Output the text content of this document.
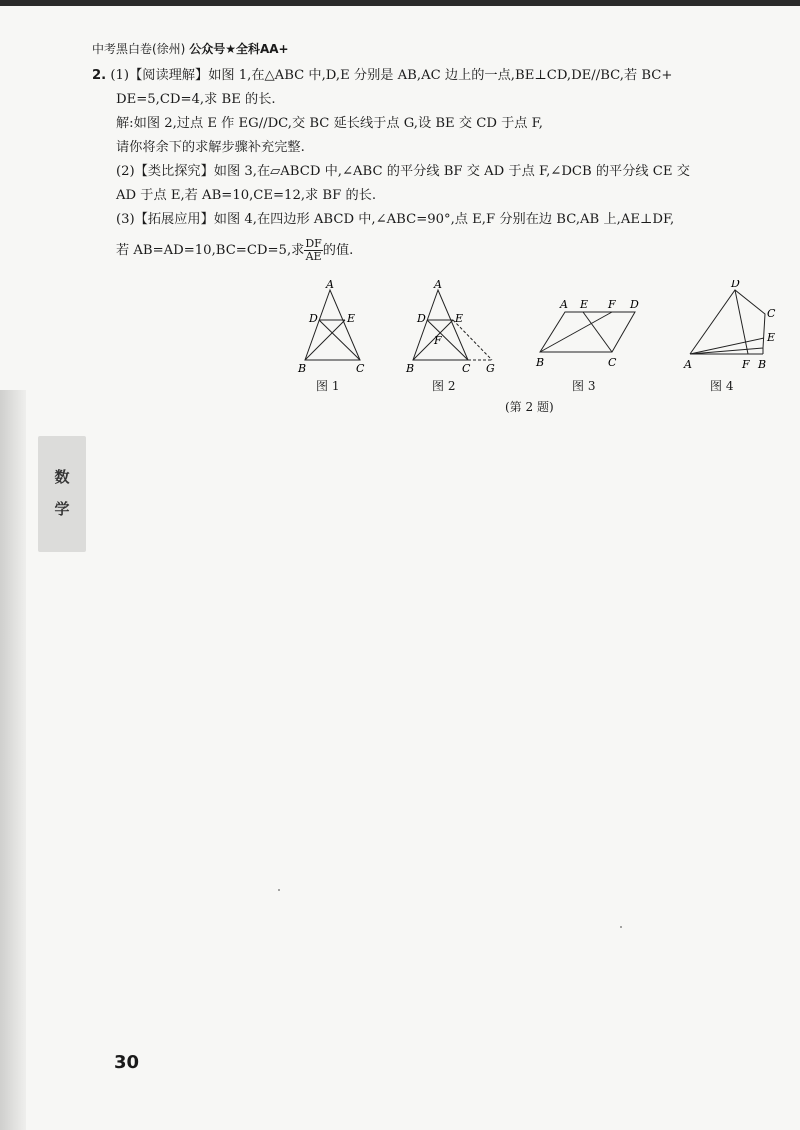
中考黑白卷(徐州) 公众号★全科AA+
2. (1)【阅读理解】如图 1,在△ABC 中,D,E 分别是 AB,AC 边上的一点,BE⊥CD,DE//BC,若 BC+
DE=5,CD=4,求 BE 的长.
解:如图 2,过点 E 作 EG//DC,交 BC 延长线于点 G,设 BE 交 CD 于点 F,
请你将余下的求解步骤补充完整.
(2)【类比探究】如图 3,在▱ABCD 中,∠ABC 的平分线 BF 交 AD 于点 F,∠DCB 的平分线 CE 交
AD 于点 E,若 AB=10,CE=12,求 BF 的长.
(3)【拓展应用】如图 4,在四边形 ABCD 中,∠ABC=90°,点 E,F 分别在边 BC,AB 上,AE⊥DF,
若 AB=AD=10,BC=CD=5,求 $\frac{DF}{AE}$ 的值.
A
D	E
B	C
A
D	E
F
B	C G
A E F D
B	C
D
C
E
A	F B
图 1	图 2	图 3	图 4
(第 2 题)
数
学
30
